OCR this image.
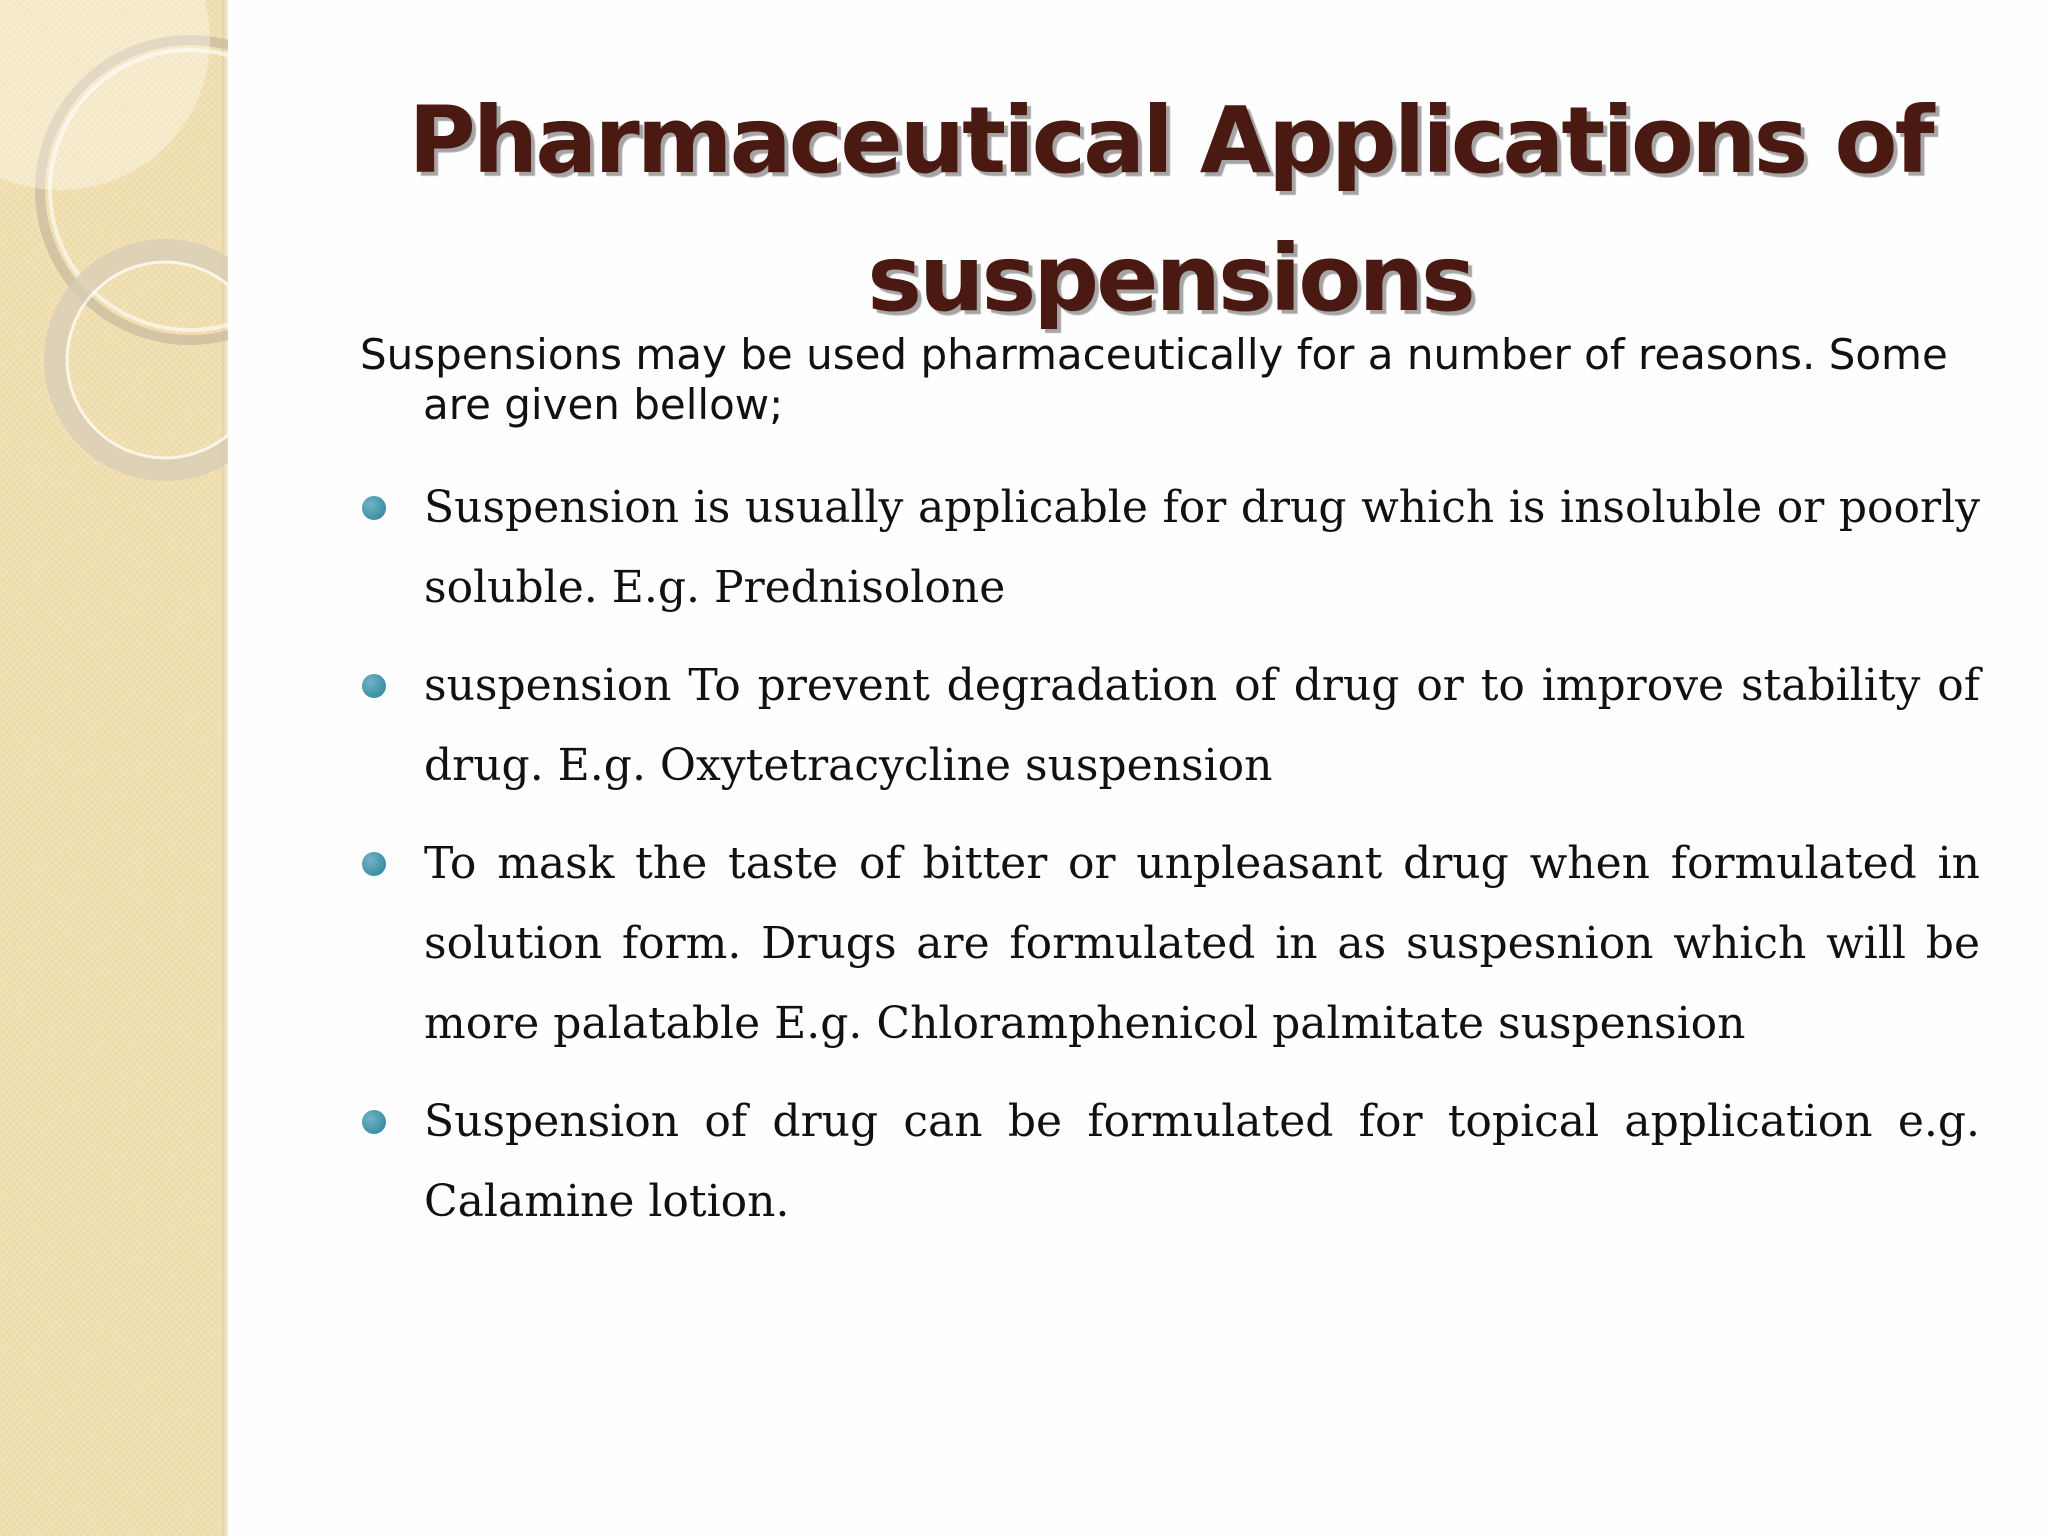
Pharmaceutical Applications of suspensions

Suspensions may be used pharmaceutically for a number of reasons. Some are given bellow;

Suspension is usually applicable for drug which is insoluble or poorly soluble. E.g. Prednisolone
suspension To prevent degradation of drug or to improve stability of drug. E.g. Oxytetracycline suspension
To mask the taste of bitter or unpleasant drug when formulated in solution form. Drugs are formulated in as suspesnion which will be more palatable E.g. Chloramphenicol palmitate suspension
Suspension of drug can be formulated for topical application e.g. Calamine lotion.
